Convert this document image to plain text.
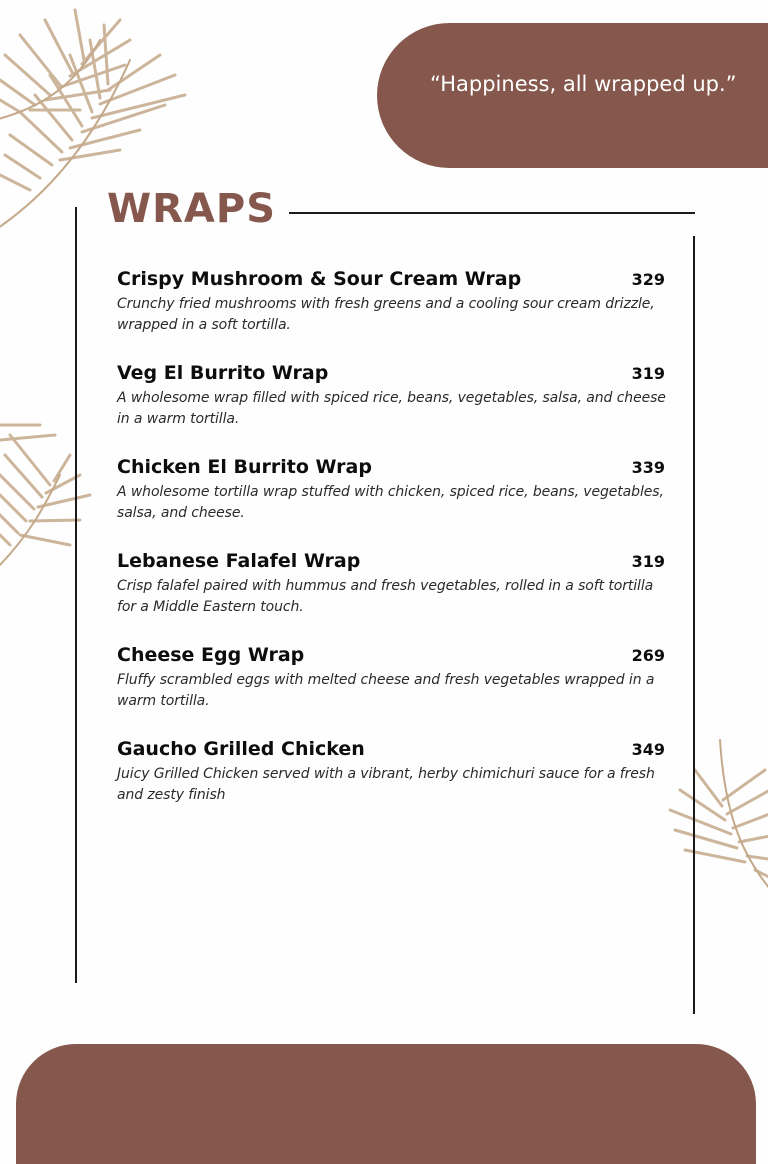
“Happiness, all wrapped up.”
WRAPS
Crispy Mushroom & Sour Cream Wrap	329
Crunchy fried mushrooms with fresh greens and a cooling sour cream drizzle, wrapped in a soft tortilla.
Veg El Burrito Wrap	319
A wholesome wrap filled with spiced rice, beans, vegetables, salsa, and cheese in a warm tortilla.
Chicken El Burrito Wrap	339
A wholesome tortilla wrap stuffed with chicken, spiced rice, beans, vegetables, salsa, and cheese.
Lebanese Falafel Wrap	319
Crisp falafel paired with hummus and fresh vegetables, rolled in a soft tortilla for a Middle Eastern touch.
Cheese Egg Wrap	269
Fluffy scrambled eggs with melted cheese and fresh vegetables wrapped in a warm tortilla.
Gaucho Grilled Chicken	349
Juicy Grilled Chicken served with a vibrant, herby chimichuri sauce for a fresh and zesty finish
